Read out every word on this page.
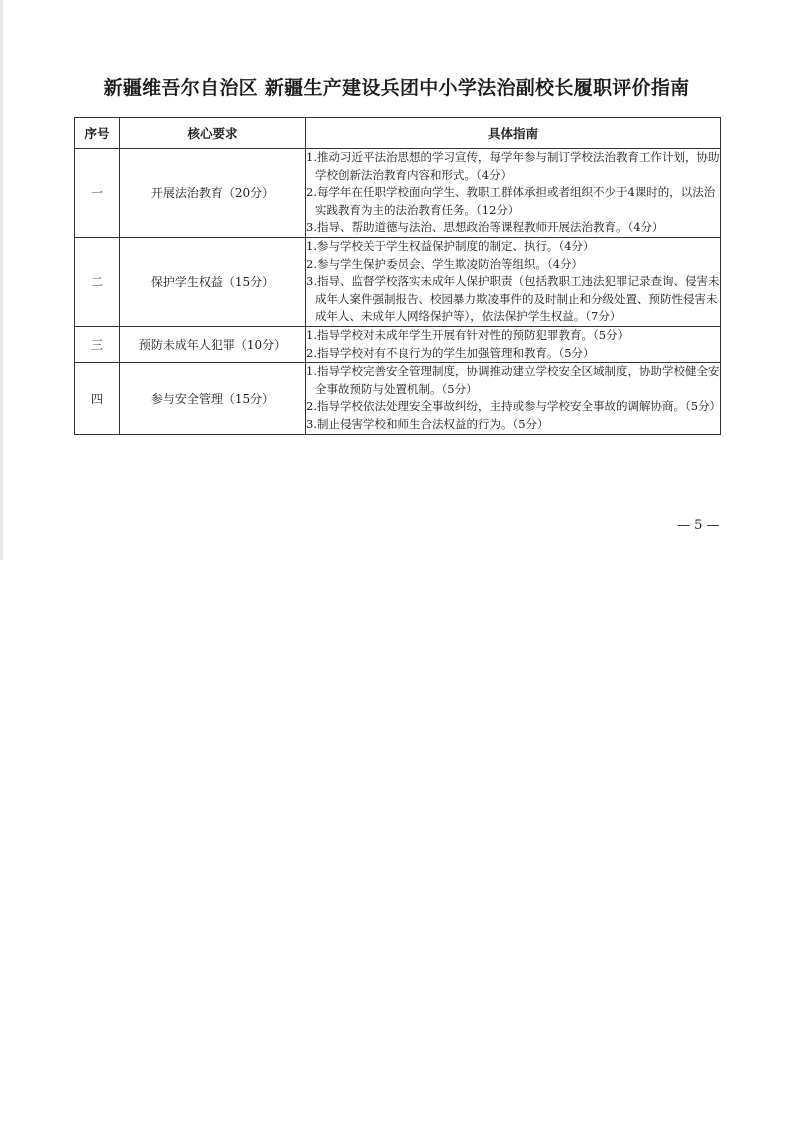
新疆维吾尔自治区 新疆生产建设兵团中小学法治副校长履职评价指南
序号	核心要求	具体指南
一	开展法治教育（20分）	1.推动习近平法治思想的学习宣传，每学年参与制订学校法治教育工作计划，协助学校创新法治教育内容和形式。（4分）
2.每学年在任职学校面向学生、教职工群体承担或者组织不少于4课时的，以法治实践教育为主的法治教育任务。（12分）
3.指导、帮助道德与法治、思想政治等课程教师开展法治教育。（4分）

二	保护学生权益（15分）	1.参与学校关于学生权益保护制度的制定、执行。（4分）
2.参与学生保护委员会、学生欺凌防治等组织。（4分）
3.指导、监督学校落实未成年人保护职责（包括教职工违法犯罪记录查询、侵害未成年人案件强制报告、校园暴力欺凌事件的及时制止和分级处置、预防性侵害未成年人、未成年人网络保护等），依法保护学生权益。（7分）

三	预防未成年人犯罪（10分）	1.指导学校对未成年学生开展有针对性的预防犯罪教育。（5分）
2.指导学校对有不良行为的学生加强管理和教育。（5分）

四	参与安全管理（15分）	1.指导学校完善安全管理制度，协调推动建立学校安全区域制度，协助学校健全安全事故预防与处置机制。（5分）
2.指导学校依法处理安全事故纠纷，主持或参与学校安全事故的调解协商。（5分）
3.制止侵害学校和师生合法权益的行为。（5分）
— 5 —
